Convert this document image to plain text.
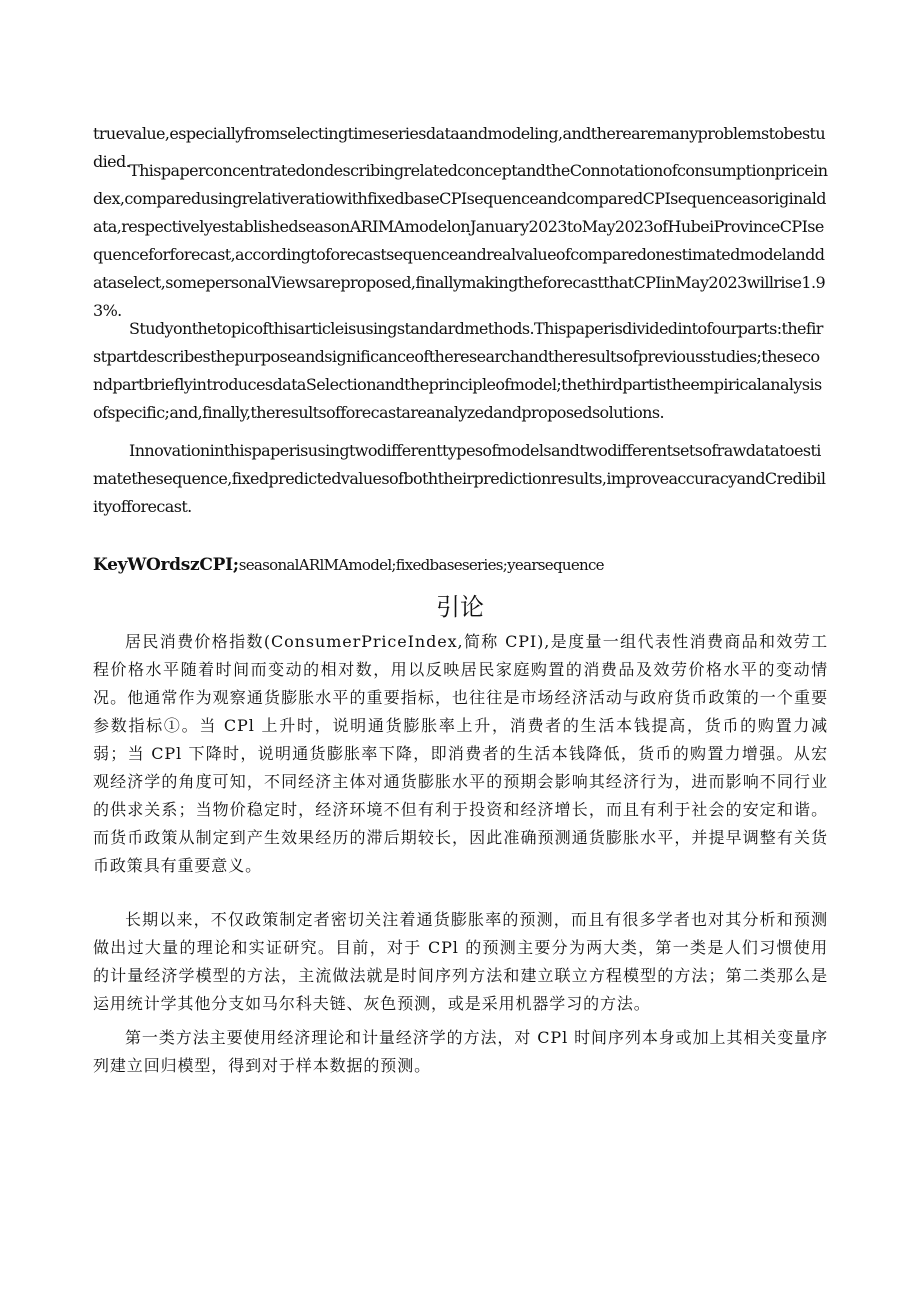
truevalue,especiallyfromselectingtimeseriesdataandmodeling,andtherearemanyproblemstobestudied.

ThispaperconcentratedondescribingrelatedconceptandtheConnotationofconsumptionpriceindex,comparedusingrelativeratiowithfixedbaseCPIsequenceandcomparedCPIsequenceasoriginaldata,respectivelyestablishedseasonARIMAmodelonJanuary2023toMay2023ofHubeiProvinceCPIsequenceforforecast,accordingtoforecastsequenceandrealvalueofcomparedonestimatedmodelanddataselect,somepersonalViewsareproposed,finallymakingtheforecastthatCPIinMay2023willrise1.93%.

Studyonthetopicofthisarticleisusingstandardmethods.Thispaperisdividedintofourparts:thefirstpartdescribesthepurposeandsignificanceoftheresearchandtheresultsofpreviousstudies;thesecondpartbrieflyintroducesdataSelectionandtheprincipleofmodel;thethirdpartistheempiricalanalysisofspecific;and,finally,theresultsofforecastareanalyzedandproposedsolutions.

Innovationinthispaperisusingtwodifferenttypesofmodelsandtwodifferentsetsofrawdatatoestimatethesequence,fixedpredictedvaluesofboththeirpredictionresults,improveaccuracyandCredibilityofforecast.

KeyWOrdszCPI;seasonalARlMAmodel;fixedbaseseries;yearsequence
引论

居民消费价格指数(ConsumerPriceIndex,简称 CPI),是度量一组代表性消费商品和效劳工程价格水平随着时间而变动的相对数，用以反映居民家庭购置的消费品及效劳价格水平的变动情况。他通常作为观察通货膨胀水平的重要指标，也往往是市场经济活动与政府货币政策的一个重要参数指标①。当 CPl 上升时，说明通货膨胀率上升，消费者的生活本钱提高，货币的购置力减弱；当 CPl 下降时，说明通货膨胀率下降，即消费者的生活本钱降低，货币的购置力增强。从宏观经济学的角度可知，不同经济主体对通货膨胀水平的预期会影响其经济行为，进而影响不同行业的供求关系；当物价稳定时，经济环境不但有利于投资和经济增长，而且有利于社会的安定和谐。而货币政策从制定到产生效果经历的滞后期较长，因此准确预测通货膨胀水平，并提早调整有关货币政策具有重要意义。

长期以来，不仅政策制定者密切关注着通货膨胀率的预测，而且有很多学者也对其分析和预测做出过大量的理论和实证研究。目前，对于 CPl 的预测主要分为两大类，第一类是人们习惯使用的计量经济学模型的方法，主流做法就是时间序列方法和建立联立方程模型的方法；第二类那么是运用统计学其他分支如马尔科夫链、灰色预测，或是采用机器学习的方法。

第一类方法主要使用经济理论和计量经济学的方法，对 CPl 时间序列本身或加上其相关变量序列建立回归模型，得到对于样本数据的预测。
